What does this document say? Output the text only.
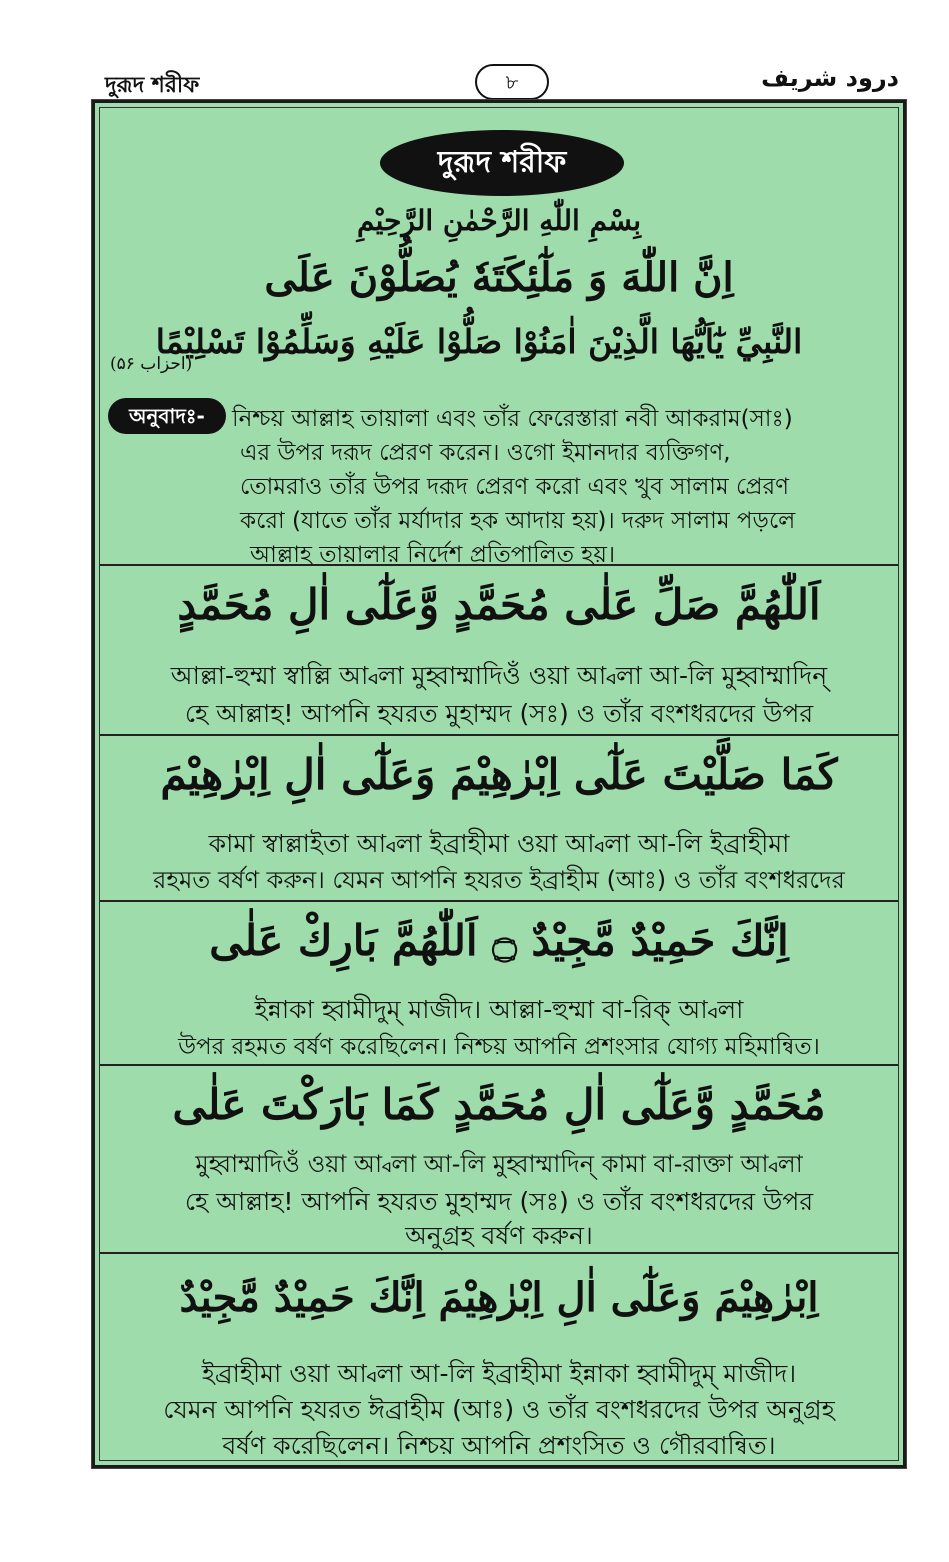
দুরূদ শরীফ	৮	درود شريف
দুরূদ শরীফ
بِسْمِ اللّٰهِ الرَّحْمٰنِ الرَّحِيْمِ
اِنَّ اللّٰهَ وَ مَلٰٓئِكَتَهٗ يُصَلُّوْنَ عَلَى
النَّبِيِّ يٰٓاَيُّهَا الَّذِيْنَ اٰمَنُوْا صَلُّوْا عَلَيْهِ وَسَلِّمُوْا تَسْلِيْمًا
(احزاب ۵۶)
অনুবাদঃ-	নিশ্চয় আল্লাহ তায়ালা এবং তাঁর ফেরেস্তারা নবী আকরাম(সাঃ)
এর উপর দরূদ প্রেরণ করেন। ওগো ইমানদার ব্যক্তিগণ,
তোমরাও তাঁর উপর দরূদ প্রেরণ করো এবং খুব সালাম প্রেরণ
করো (যাতে তাঁর মর্যাদার হক আদায় হয়)। দরুদ সালাম পড়লে
আল্লাহ তায়ালার নির্দেশ প্রতিপালিত হয়।
اَللّٰهُمَّ صَلِّ عَلٰى مُحَمَّدٍ وَّعَلٰٓى اٰلِ مُحَمَّدٍ
আল্লা-হুম্মা স্বাল্লি আ্বলা মুহ্বাম্মাদিওঁ ওয়া আ্বলা আ-লি মুহ্বাম্মাদিন্
হে আল্লাহ! আপনি হযরত মুহাম্মদ (সঃ) ও তাঁর বংশধরদের উপর
كَمَا صَلَّيْتَ عَلٰٓى اِبْرٰهِيْمَ وَعَلٰٓى اٰلِ اِبْرٰهِيْمَ
কামা স্বাল্লাইতা আ্বলা ইব্রাহীমা ওয়া আ্বলা আ-লি ইব্রাহীমা
রহমত বর্ষণ করুন। যেমন আপনি হযরত ইব্রাহীম (আঃ) ও তাঁর বংশধরদের
اِنَّكَ حَمِيْدٌ مَّجِيْدٌ ۝ اَللّٰهُمَّ بَارِكْ عَلٰى
ইন্নাকা হ্বামীদুম্ মাজীদ। আল্লা-হুম্মা বা-রিক্ আ্বলা
উপর রহমত বর্ষণ করেছিলেন। নিশ্চয় আপনি প্রশংসার যোগ্য মহিমান্বিত।
مُحَمَّدٍ وَّعَلٰٓى اٰلِ مُحَمَّدٍ كَمَا بَارَكْتَ عَلٰى
মুহ্বাম্মাদিওঁ ওয়া আ্বলা আ-লি মুহ্বাম্মাদিন্ কামা বা-রাক্তা আ্বলা
হে আল্লাহ! আপনি হযরত মুহাম্মদ (সঃ) ও তাঁর বংশধরদের উপর
অনুগ্রহ বর্ষণ করুন।
اِبْرٰهِيْمَ وَعَلٰٓى اٰلِ اِبْرٰهِيْمَ اِنَّكَ حَمِيْدٌ مَّجِيْدٌ
ইব্রাহীমা ওয়া আ্বলা আ-লি ইব্রাহীমা ইন্নাকা হ্বামীদুম্ মাজীদ।
যেমন আপনি হযরত ঈব্রাহীম (আঃ) ও তাঁর বংশধরদের উপর অনুগ্রহ
বর্ষণ করেছিলেন। নিশ্চয় আপনি প্রশংসিত ও গৌরবান্বিত।
